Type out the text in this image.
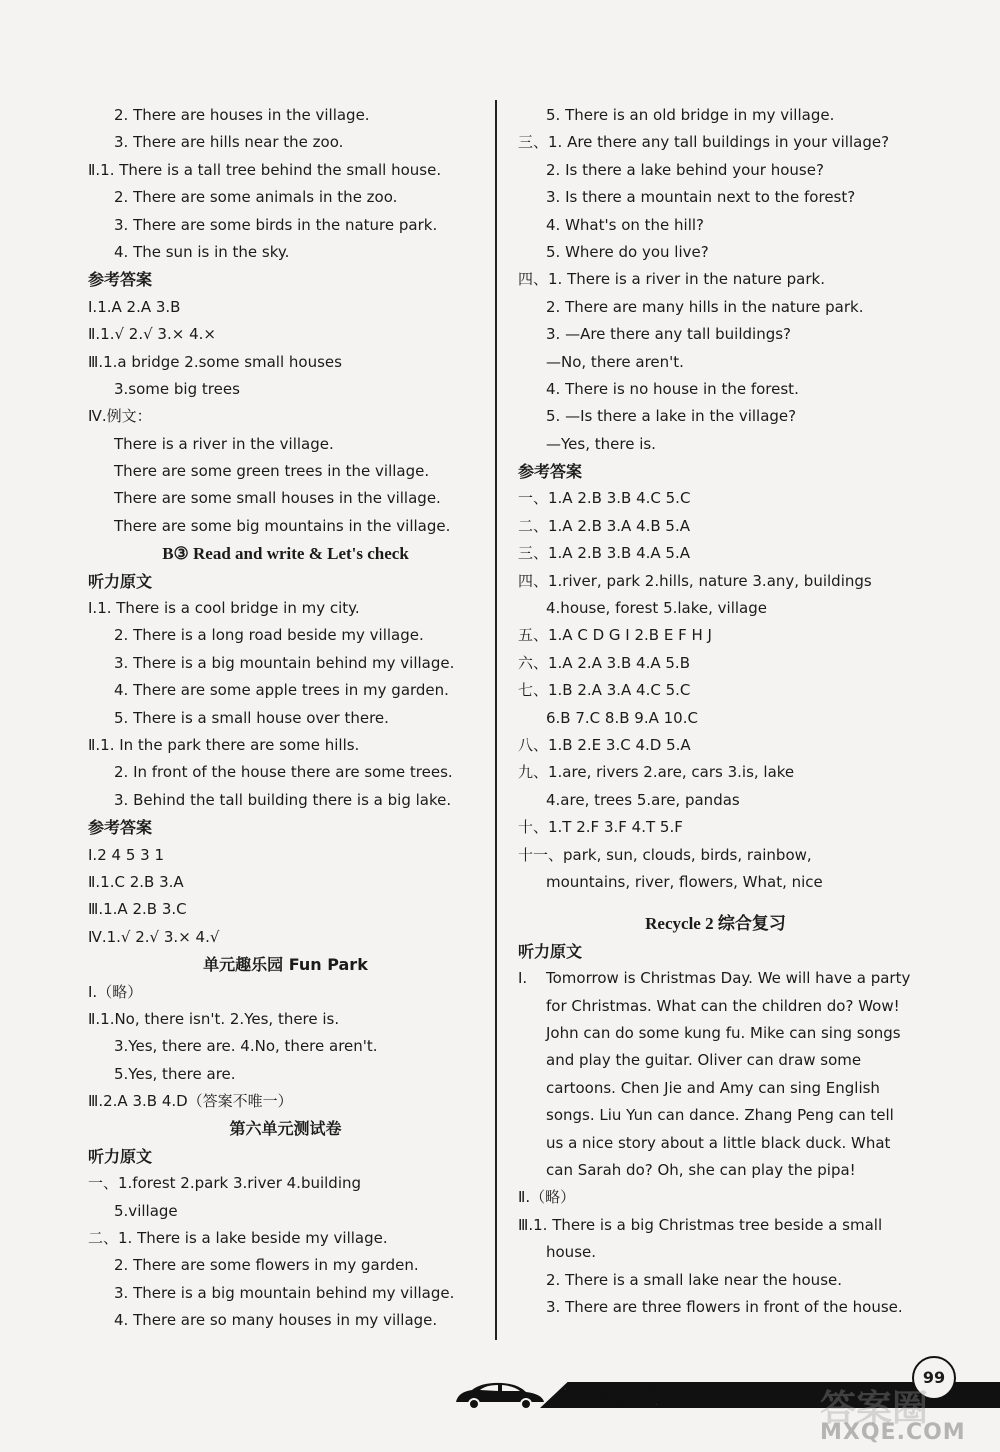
2. There are houses in the village.
3. There are hills near the zoo.
Ⅱ.1. There is a tall tree behind the small house.
2. There are some animals in the zoo.
3. There are some birds in the nature park.
4. The sun is in the sky.
参考答案
Ⅰ.1.A 2.A 3.B
Ⅱ.1.√ 2.√ 3.× 4.×
Ⅲ.1.a bridge 2.some small houses
3.some big trees
Ⅳ.例文：
There is a river in the village.
There are some green trees in the village.
There are some small houses in the village.
There are some big mountains in the village.
B③ Read and write & Let's check
听力原文
Ⅰ.1. There is a cool bridge in my city.
2. There is a long road beside my village.
3. There is a big mountain behind my village.
4. There are some apple trees in my garden.
5. There is a small house over there.
Ⅱ.1. In the park there are some hills.
2. In front of the house there are some trees.
3. Behind the tall building there is a big lake.
参考答案
Ⅰ.2 4 5 3 1
Ⅱ.1.C 2.B 3.A
Ⅲ.1.A 2.B 3.C
Ⅳ.1.√ 2.√ 3.× 4.√
单元趣乐园 Fun Park
Ⅰ.（略）
Ⅱ.1.No, there isn't. 2.Yes, there is.
3.Yes, there are. 4.No, there aren't.
5.Yes, there are.
Ⅲ.2.A 3.B 4.D（答案不唯一）
第六单元测试卷
听力原文
一、1.forest 2.park 3.river 4.building
5.village
二、1. There is a lake beside my village.
2. There are some flowers in my garden.
3. There is a big mountain behind my village.
4. There are so many houses in my village.
5. There is an old bridge in my village.
三、1. Are there any tall buildings in your village?
2. Is there a lake behind your house?
3. Is there a mountain next to the forest?
4. What's on the hill?
5. Where do you live?
四、1. There is a river in the nature park.
2. There are many hills in the nature park.
3. —Are there any tall buildings?
—No, there aren't.
4. There is no house in the forest.
5. —Is there a lake in the village?
—Yes, there is.
参考答案
一、1.A 2.B 3.B 4.C 5.C
二、1.A 2.B 3.A 4.B 5.A
三、1.A 2.B 3.B 4.A 5.A
四、1.river, park 2.hills, nature 3.any, buildings
4.house, forest 5.lake, village
五、1.A C D G I 2.B E F H J
六、1.A 2.A 3.B 4.A 5.B
七、1.B 2.A 3.A 4.C 5.C
6.B 7.C 8.B 9.A 10.C
八、1.B 2.E 3.C 4.D 5.A
九、1.are, rivers 2.are, cars 3.is, lake
4.are, trees 5.are, pandas
十、1.T 2.F 3.F 4.T 5.F
十一、park, sun, clouds, birds, rainbow,
mountains, river, flowers, What, nice
Recycle 2 综合复习
听力原文
Ⅰ. Tomorrow is Christmas Day. We will have a party for Christmas. What can the children do? Wow! John can do some kung fu. Mike can sing songs and play the guitar. Oliver can draw some cartoons. Chen Jie and Amy can sing English songs. Liu Yun can dance. Zhang Peng can tell us a nice story about a little black duck. What can Sarah do? Oh, she can play the pipa!
Ⅱ.（略）
Ⅲ.1. There is a big Christmas tree beside a small
house.
2. There is a small lake near the house.
3. There are three flowers in front of the house.
参考答案
99
答案圈
MXQE.COM
